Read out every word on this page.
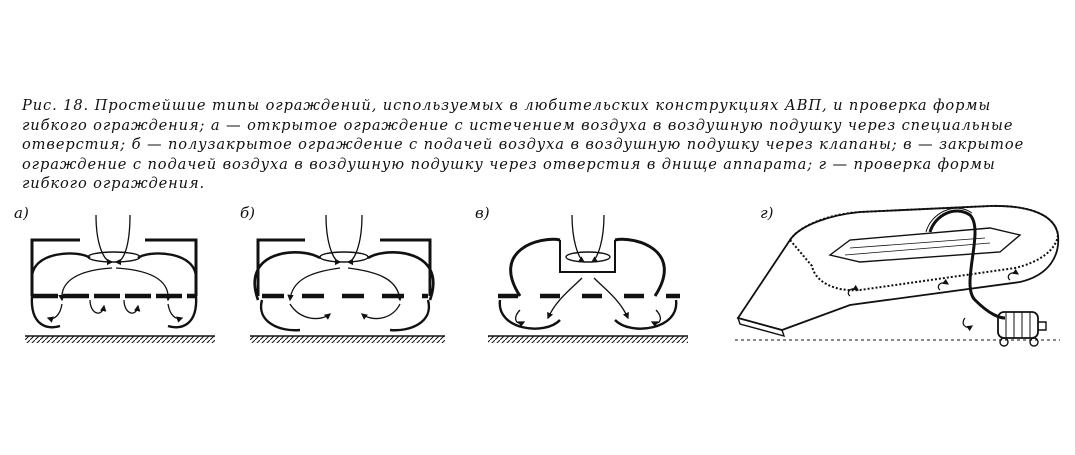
Рис. 18. Простейшие типы ограждений, используемых в любительских конструкциях АВП, и проверка формы гибкого ограждения; а — открытое ограждение с истечением воздуха в воздушную подушку через специальные отверстия; б — полузакрытое ограждение с подачей воздуха в воздушную подушку через клапаны; в — закрытое ограждение с подачей воздуха в воздушную подушку через отверстия в днище аппарата; г — проверка формы гибкого ограждения.

а)	б)	в)	г)
